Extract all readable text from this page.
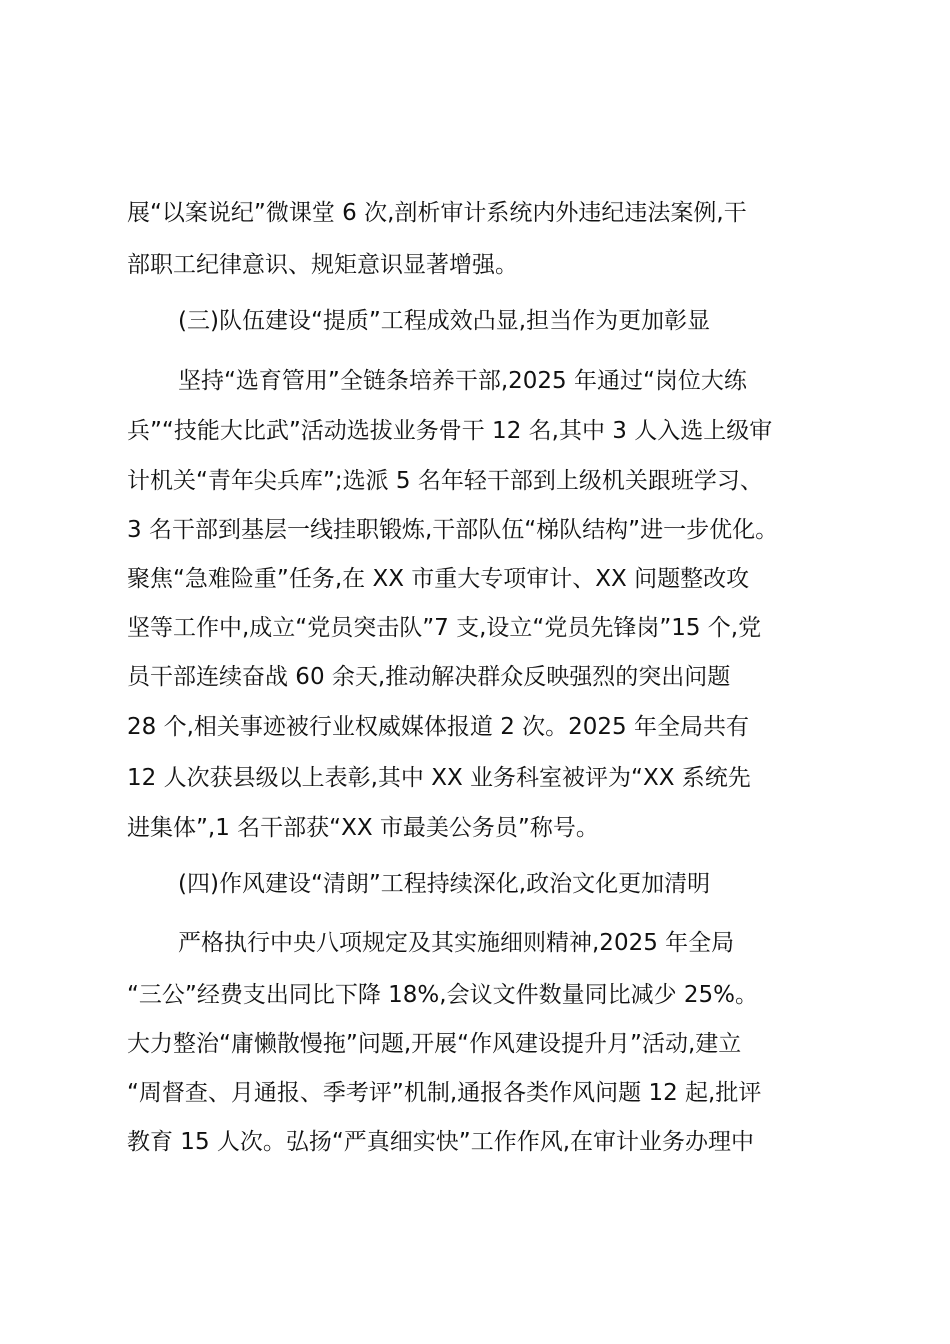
展“以案说纪”微课堂 6 次,剖析审计系统内外违纪违法案例,干
部职工纪律意识、规矩意识显著增强。
(三)队伍建设“提质”工程成效凸显,担当作为更加彰显
坚持“选育管用”全链条培养干部,2025 年通过“岗位大练
兵”“技能大比武”活动选拔业务骨干 12 名,其中 3 人入选上级审
计机关“青年尖兵库”;选派 5 名年轻干部到上级机关跟班学习、
3 名干部到基层一线挂职锻炼,干部队伍“梯队结构”进一步优化。
聚焦“急难险重”任务,在 XX 市重大专项审计、XX 问题整改攻
坚等工作中,成立“党员突击队”7 支,设立“党员先锋岗”15 个,党
员干部连续奋战 60 余天,推动解决群众反映强烈的突出问题
28 个,相关事迹被行业权威媒体报道 2 次。2025 年全局共有
12 人次获县级以上表彰,其中 XX 业务科室被评为“XX 系统先
进集体”,1 名干部获“XX 市最美公务员”称号。
(四)作风建设“清朗”工程持续深化,政治文化更加清明
严格执行中央八项规定及其实施细则精神,2025 年全局
“三公”经费支出同比下降 18%,会议文件数量同比减少 25%。
大力整治“庸懒散慢拖”问题,开展“作风建设提升月”活动,建立
“周督查、月通报、季考评”机制,通报各类作风问题 12 起,批评
教育 15 人次。弘扬“严真细实快”工作作风,在审计业务办理中
